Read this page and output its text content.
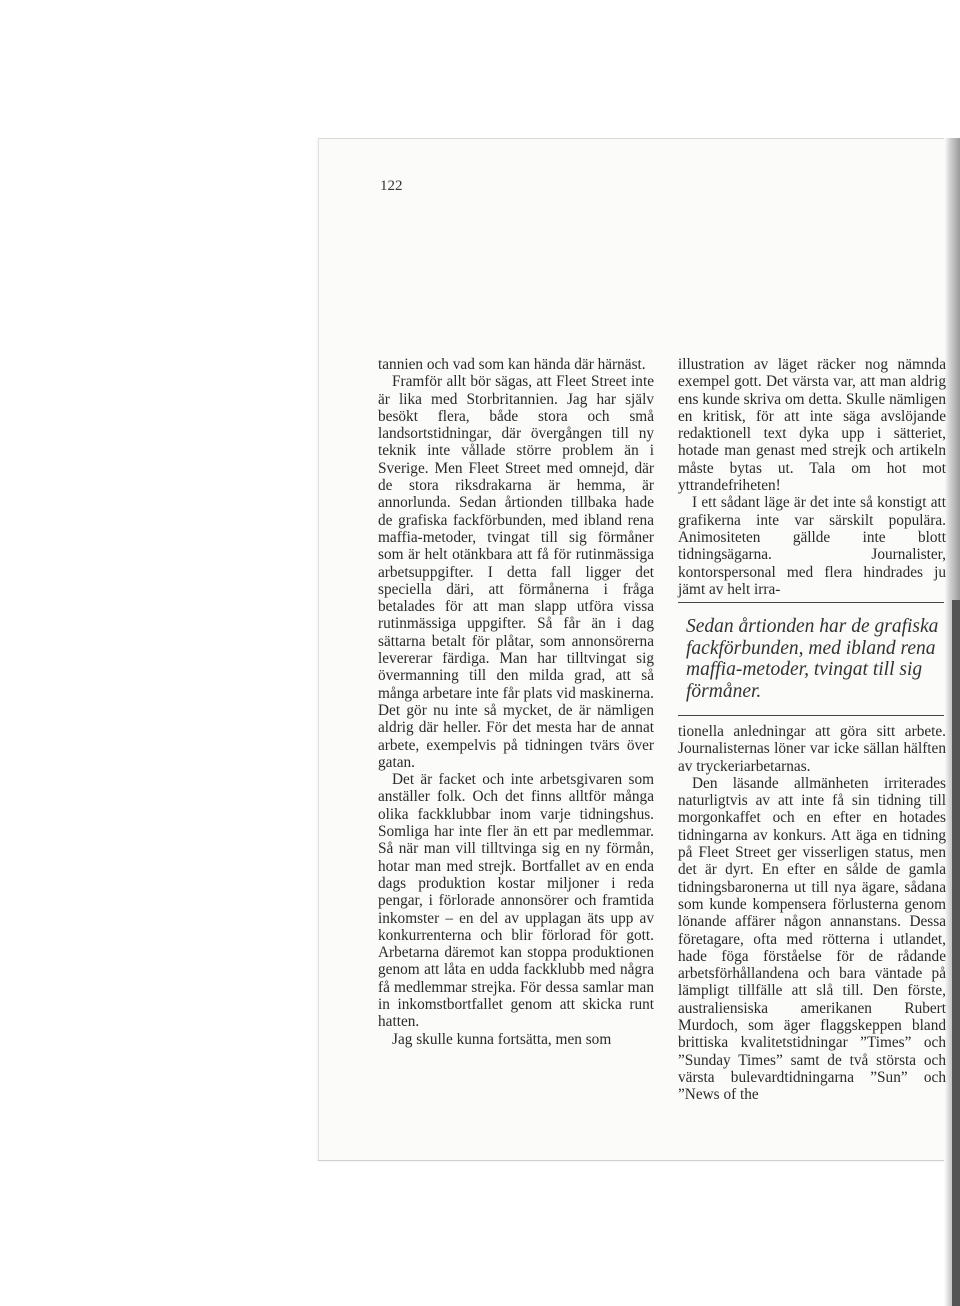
122

tannien och vad som kan hända där härnäst.

Framför allt bör sägas, att Fleet Street inte är lika med Storbritannien. Jag har själv besökt flera, både stora och små landsortstidningar, där övergången till ny teknik inte vållade större problem än i Sverige. Men Fleet Street med omnejd, där de stora riksdrakarna är hemma, är annorlunda. Sedan årtionden tillbaka hade de grafiska fackförbunden, med ibland rena maffia-metoder, tvingat till sig förmåner som är helt otänkbara att få för rutinmässiga arbetsuppgifter. I detta fall ligger det speciella däri, att förmånerna i fråga betalades för att man slapp utföra vissa rutinmässiga uppgifter. Så får än i dag sättarna betalt för plåtar, som annonsörerna levererar färdiga. Man har tilltvingat sig övermanning till den milda grad, att så många arbetare inte får plats vid maskinerna. Det gör nu inte så mycket, de är nämligen aldrig där heller. För det mesta har de annat arbete, exempelvis på tidningen tvärs över gatan.

Det är facket och inte arbetsgivaren som anställer folk. Och det finns alltför många olika fackklubbar inom varje tidningshus. Somliga har inte fler än ett par medlemmar. Så när man vill tilltvinga sig en ny förmån, hotar man med strejk. Bortfallet av en enda dags produktion kostar miljoner i reda pengar, i förlorade annonsörer och framtida inkomster – en del av upplagan äts upp av konkurrenterna och blir förlorad för gott. Arbetarna däremot kan stoppa produktionen genom att låta en udda fackklubb med några få medlemmar strejka. För dessa samlar man in inkomstbortfallet genom att skicka runt hatten.

Jag skulle kunna fortsätta, men som

illustration av läget räcker nog nämnda exempel gott. Det värsta var, att man aldrig ens kunde skriva om detta. Skulle nämligen en kritisk, för att inte säga avslöjande redaktionell text dyka upp i sätteriet, hotade man genast med strejk och artikeln måste bytas ut. Tala om hot mot yttrandefriheten!

I ett sådant läge är det inte så konstigt att grafikerna inte var särskilt populära. Animositeten gällde inte blott tidningsägarna. Journalister, kontorspersonal med flera hindrades ju jämt av helt irra-

Sedan årtionden har de grafiska fackförbunden, med ibland rena maffia-metoder, tvingat till sig förmåner.

tionella anledningar att göra sitt arbete. Journalisternas löner var icke sällan hälften av tryckeriarbetarnas.

Den läsande allmänheten irriterades naturligtvis av att inte få sin tidning till morgonkaffet och en efter en hotades tidningarna av konkurs. Att äga en tidning på Fleet Street ger visserligen status, men det är dyrt. En efter en sålde de gamla tidningsbaronerna ut till nya ägare, sådana som kunde kompensera förlusterna genom lönande affärer någon annanstans. Dessa företagare, ofta med rötterna i utlandet, hade föga förståelse för de rådande arbetsförhållandena och bara väntade på lämpligt tillfälle att slå till. Den förste, australiensiska amerikanen Rubert Murdoch, som äger flaggskeppen bland brittiska kvalitetstidningar ”Times” och ”Sunday Times” samt de två största och värsta bulevardtidningarna ”Sun” och ”News of the
